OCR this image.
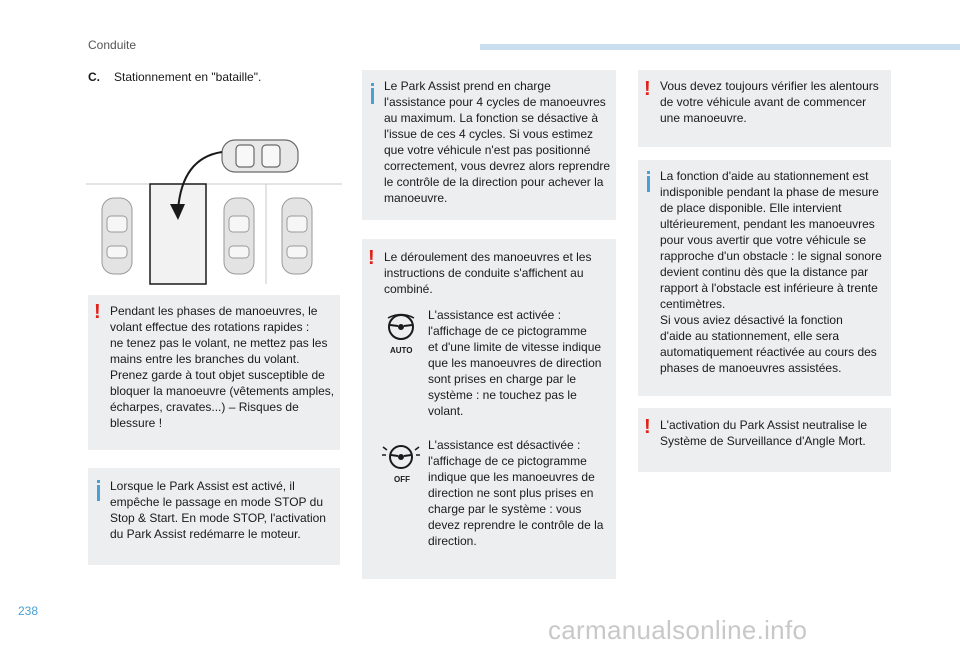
Conduite
C. Stationnement en "bataille".
! Pendant les phases de manoeuvres, le
volant effectue des rotations rapides :
ne tenez pas le volant, ne mettez pas les
mains entre les branches du volant.
Prenez garde à tout objet susceptible de
bloquer la manoeuvre (vêtements amples,
écharpes, cravates...) – Risques de
blessure !

Lorsque le Park Assist est activé, il
empêche le passage en mode STOP du
Stop & Start. En mode STOP, l'activation
du Park Assist redémarre le moteur.

Le Park Assist prend en charge
l'assistance pour 4 cycles de manoeuvres
au maximum. La fonction se désactive à
l'issue de ces 4 cycles. Si vous estimez
que votre véhicule n'est pas positionné
correctement, vous devrez alors reprendre
le contrôle de la direction pour achever la
manoeuvre.

! Le déroulement des manoeuvres et les
instructions de conduite s'affichent au
combiné.

AUTO

L'assistance est activée :
l'affichage de ce pictogramme
et d'une limite de vitesse indique
que les manoeuvres de direction
sont prises en charge par le
système : ne touchez pas le
volant.

OFF

L'assistance est désactivée :
l'affichage de ce pictogramme
indique que les manoeuvres de
direction ne sont plus prises en
charge par le système : vous
devez reprendre le contrôle de la
direction.

! Vous devez toujours vérifier les alentours
de votre véhicule avant de commencer
une manoeuvre.

La fonction d'aide au stationnement est
indisponible pendant la phase de mesure
de place disponible. Elle intervient
ultérieurement, pendant les manoeuvres
pour vous avertir que votre véhicule se
rapproche d'un obstacle : le signal sonore
devient continu dès que la distance par
rapport à l'obstacle est inférieure à trente
centimètres.
Si vous aviez désactivé la fonction
d'aide au stationnement, elle sera
automatiquement réactivée au cours des
phases de manoeuvres assistées.

! L'activation du Park Assist neutralise le
Système de Surveillance d'Angle Mort.

238
carmanualsonline.info
